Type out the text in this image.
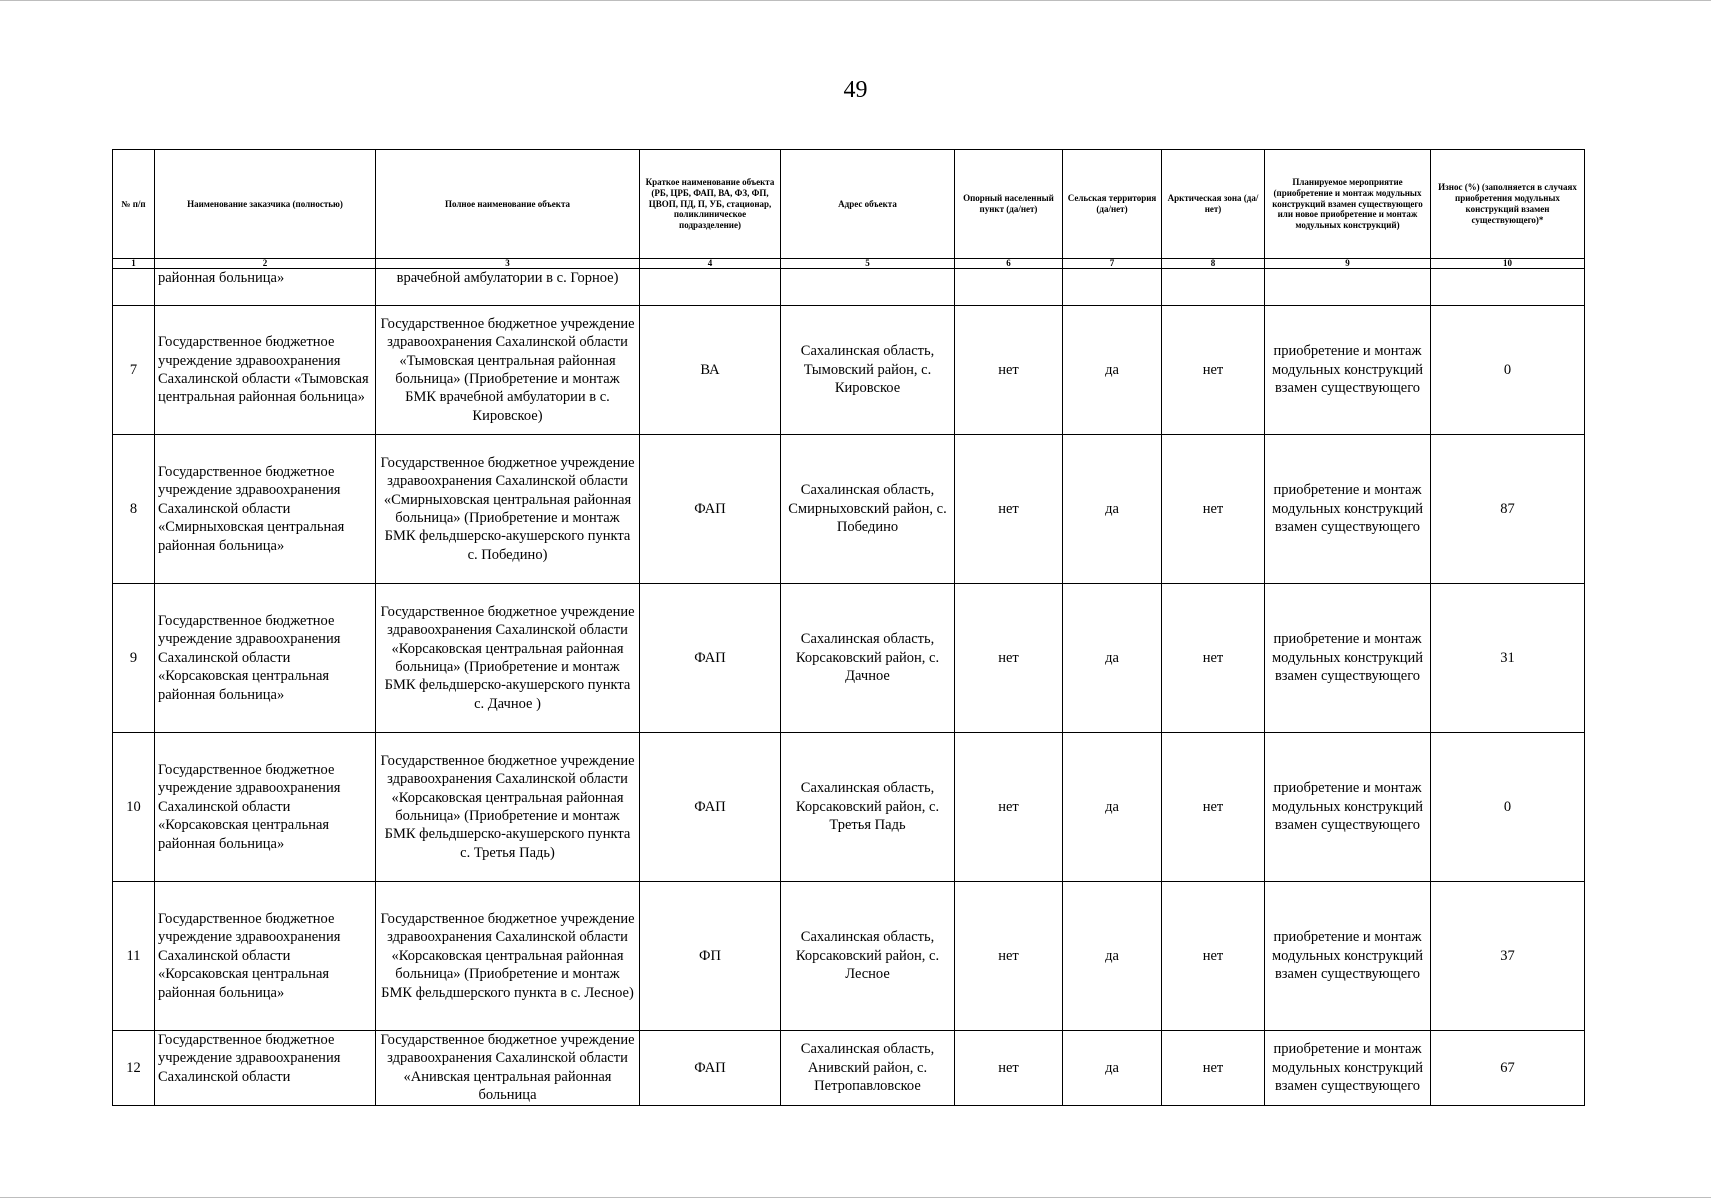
49
№ п/п	Наименование заказчика (полностью)	Полное наименование объекта	Краткое наименование объекта (РБ, ЦРБ, ФАП, ВА, ФЗ, ФП, ЦВОП, ПД, П, УБ, стационар, поликлиническое подразделение)	Адрес объекта	Опорный населенный пункт (да/нет)	Сельская территория (да/нет)	Арктическая зона (да/нет)	Планируемое мероприятие (приобретение и монтаж модульных конструкций взамен существующего или новое приобретение и монтаж модульных конструкций)	Износ (%) (заполняется в случаях приобретения модульных конструкций взамен существующего)*
1	2	3	4	5	6	7	8	9	10
	районная больница»	врачебной амбулатории в с. Горное)							
7	Государственное бюджетное учреждение здравоохранения Сахалинской области «Тымовская центральная районная больница»	Государственное бюджетное учреждение здравоохранения Сахалинской области «Тымовская центральная районная больница» (Приобретение и монтаж БМК врачебной амбулатории в с. Кировское)	ВА	Сахалинская область, Тымовский район, с. Кировское	нет	да	нет	приобретение и монтаж модульных конструкций взамен существующего	0
8	Государственное бюджетное учреждение здравоохранения Сахалинской области «Смирныховская центральная районная больница»	Государственное бюджетное учреждение здравоохранения Сахалинской области «Смирныховская центральная районная больница» (Приобретение и монтаж БМК фельдшерско-акушерского пункта с. Победино)	ФАП	Сахалинская область, Смирныховский район, с. Победино	нет	да	нет	приобретение и монтаж модульных конструкций взамен существующего	87
9	Государственное бюджетное учреждение здравоохранения Сахалинской области «Корсаковская центральная районная больница»	Государственное бюджетное учреждение здравоохранения Сахалинской области «Корсаковская центральная районная больница» (Приобретение и монтаж БМК фельдшерско-акушерского пункта с. Дачное )	ФАП	Сахалинская область, Корсаковский район, с. Дачное	нет	да	нет	приобретение и монтаж модульных конструкций взамен существующего	31
10	Государственное бюджетное учреждение здравоохранения Сахалинской области «Корсаковская центральная районная больница»	Государственное бюджетное учреждение здравоохранения Сахалинской области «Корсаковская центральная районная больница» (Приобретение и монтаж БМК фельдшерско-акушерского пункта с. Третья Падь)	ФАП	Сахалинская область, Корсаковский район, с. Третья Падь	нет	да	нет	приобретение и монтаж модульных конструкций взамен существующего	0
11	Государственное бюджетное учреждение здравоохранения Сахалинской области «Корсаковская центральная районная больница»	Государственное бюджетное учреждение здравоохранения Сахалинской области «Корсаковская центральная районная больница» (Приобретение и монтаж БМК фельдшерского пункта в с. Лесное)	ФП	Сахалинская область, Корсаковский район, с. Лесное	нет	да	нет	приобретение и монтаж модульных конструкций взамен существующего	37
12	Государственное бюджетное учреждение здравоохранения Сахалинской области	Государственное бюджетное учреждение здравоохранения Сахалинской области «Анивская центральная районная больница	ФАП	Сахалинская область, Анивский район, с. Петропавловское	нет	да	нет	приобретение и монтаж модульных конструкций взамен существующего	67
